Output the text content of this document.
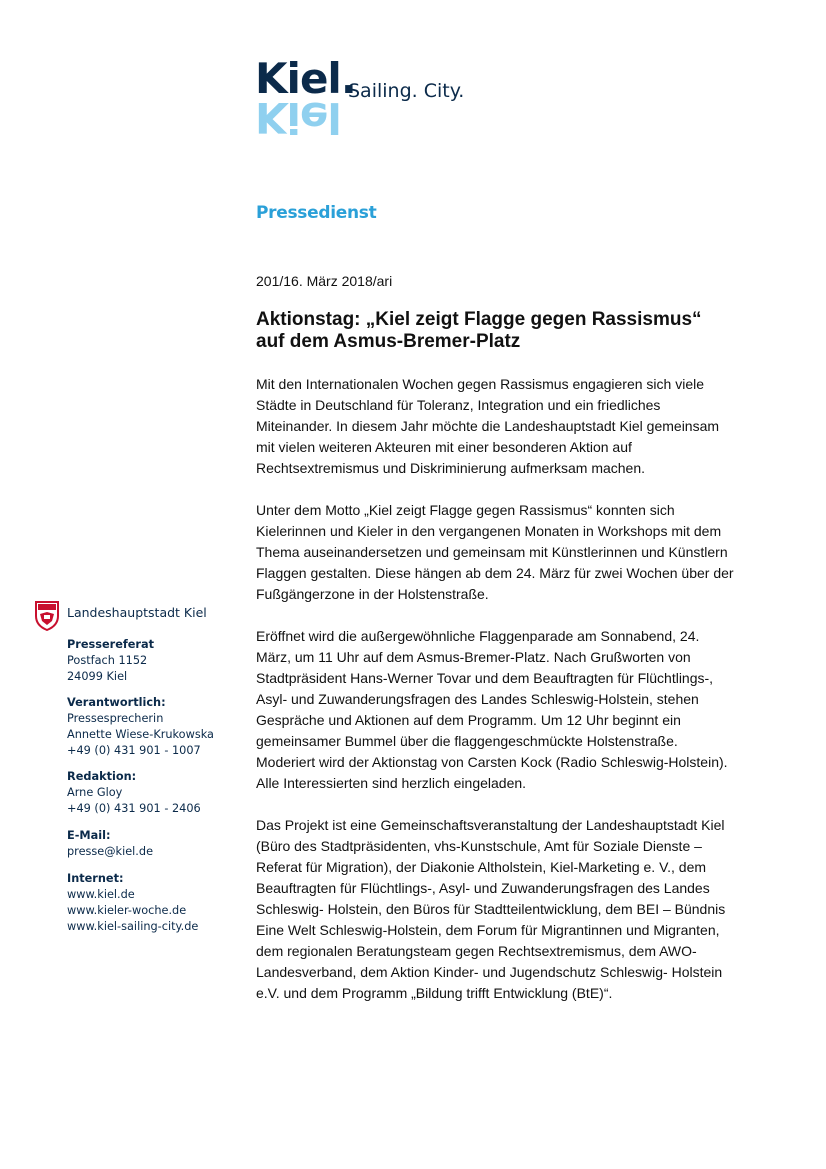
Kiel.
Kiel
Sailing. City.
Pressedienst
201/16. März 2018/ari
Aktionstag: „Kiel zeigt Flagge gegen Rassismus“
auf dem Asmus-Bremer-Platz

Mit den Internationalen Wochen gegen Rassismus engagieren sich viele Städte in Deutschland für Toleranz, Integration und ein friedliches Miteinander. In diesem Jahr möchte die Landeshauptstadt Kiel gemeinsam mit vielen weiteren Akteuren mit einer besonderen Aktion auf Rechtsextremismus und Diskriminierung aufmerksam machen.

Unter dem Motto „Kiel zeigt Flagge gegen Rassismus“ konnten sich Kielerinnen und Kieler in den vergangenen Monaten in Workshops mit dem Thema auseinandersetzen und gemeinsam mit Künstlerinnen und Künstlern Flaggen gestalten. Diese hängen ab dem 24. März für zwei Wochen über der Fußgängerzone in der Holstenstraße.

Eröffnet wird die außergewöhnliche Flaggenparade am Sonnabend, 24. März, um 11 Uhr auf dem Asmus-Bremer-Platz. Nach Grußworten von Stadtpräsident Hans-Werner Tovar und dem Beauftragten für Flüchtlings-, Asyl- und Zuwanderungsfragen des Landes Schleswig-Holstein, stehen Gespräche und Aktionen auf dem Programm. Um 12 Uhr beginnt ein gemeinsamer Bummel über die flaggengeschmückte Holstenstraße. Moderiert wird der Aktionstag von Carsten Kock (Radio Schleswig-Holstein). Alle Interessierten sind herzlich eingeladen.

Das Projekt ist eine Gemeinschaftsveranstaltung der Landeshauptstadt Kiel (Büro des Stadtpräsidenten, vhs-Kunstschule, Amt für Soziale Dienste – Referat für Migration), der Diakonie Altholstein, Kiel-Marketing e. V., dem Beauftragten für Flüchtlings-, Asyl- und Zuwanderungsfragen des Landes Schleswig- Holstein, den Büros für Stadtteilentwicklung, dem BEI – Bündnis Eine Welt Schleswig-Holstein, dem Forum für Migrantinnen und Migranten, dem regionalen Beratungsteam gegen Rechtsextremismus, dem AWO-Landesverband, dem Aktion Kinder- und Jugendschutz Schleswig- Holstein e.V. und dem Programm „Bildung trifft Entwicklung (BtE)“.

Landeshauptstadt Kiel
Pressereferat
Postfach 1152
24099 Kiel
Verantwortlich:
Pressesprecherin
Annette Wiese-Krukowska
+49 (0) 431 901 - 1007
Redaktion:
Arne Gloy
+49 (0) 431 901 - 2406
E-Mail:
presse@kiel.de
Internet:
www.kiel.de
www.kieler-woche.de
www.kiel-sailing-city.de
